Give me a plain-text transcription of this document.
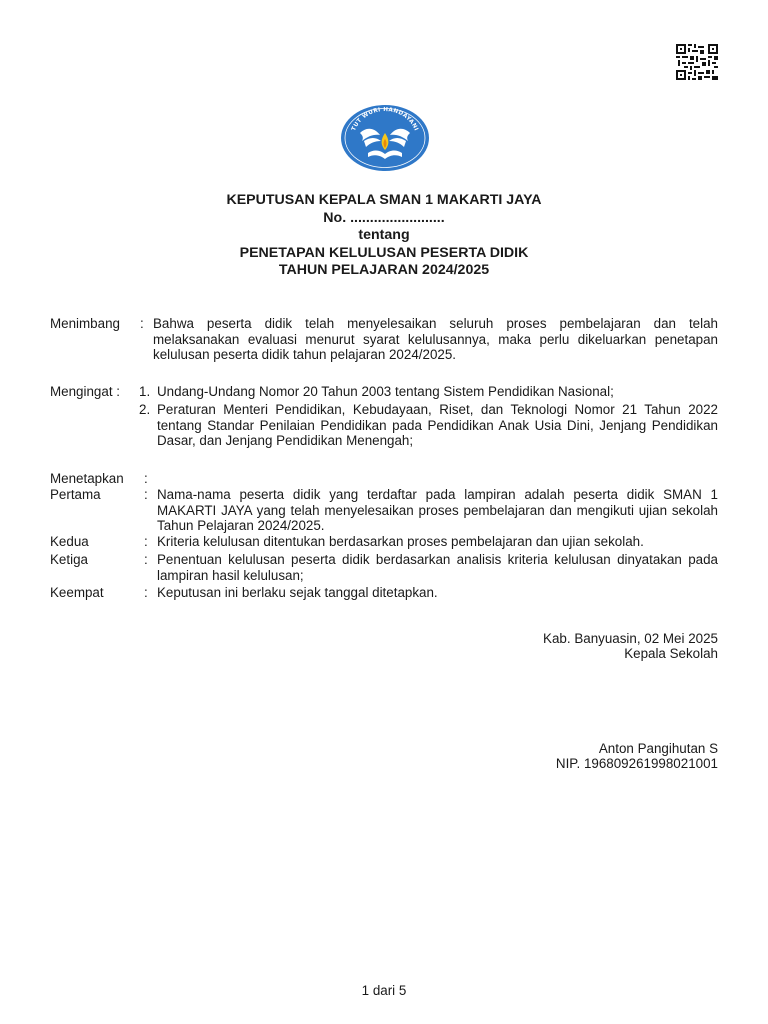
TUT WURI HANDAYANI
KEPUTUSAN KEPALA SMAN 1 MAKARTI JAYA
No. ........................
tentang
PENETAPAN KELULUSAN PESERTA DIDIK
TAHUN PELAJARAN 2024/2025
Menimbang : Bahwa peserta didik telah menyelesaikan seluruh proses pembelajaran dan telah melaksanakan evaluasi menurut syarat kelulusannya, maka perlu dikeluarkan penetapan kelulusan peserta didik tahun pelajaran 2024/2025.
Mengingat : 1. Undang-Undang Nomor 20 Tahun 2003 tentang Sistem Pendidikan Nasional;
2. Peraturan Menteri Pendidikan, Kebudayaan, Riset, dan Teknologi Nomor 21 Tahun 2022 tentang Standar Penilaian Pendidikan pada Pendidikan Anak Usia Dini, Jenjang Pendidikan Dasar, dan Jenjang Pendidikan Menengah;
Menetapkan :
Pertama	: Nama-nama peserta didik yang terdaftar pada lampiran adalah peserta didik SMAN 1 MAKARTI JAYA yang telah menyelesaikan proses pembelajaran dan mengikuti ujian sekolah Tahun Pelajaran 2024/2025.
Kedua	: Kriteria kelulusan ditentukan berdasarkan proses pembelajaran dan ujian sekolah.
Ketiga	: Penentuan kelulusan peserta didik berdasarkan analisis kriteria kelulusan dinyatakan pada lampiran hasil kelulusan;
Keempat	: Keputusan ini berlaku sejak tanggal ditetapkan.
Kab. Banyuasin, 02 Mei 2025
Kepala Sekolah
Anton Pangihutan S
NIP. 196809261998021001
1 dari 5
